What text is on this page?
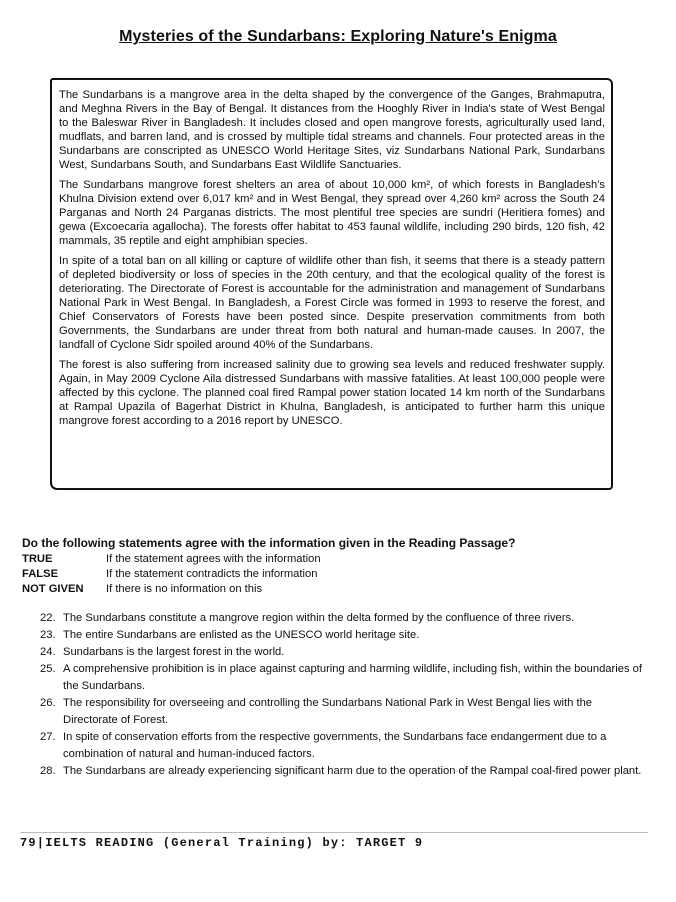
Mysteries of the Sundarbans: Exploring Nature's Enigma

The Sundarbans is a mangrove area in the delta shaped by the convergence of the Ganges, Brahmaputra, and Meghna Rivers in the Bay of Bengal. It distances from the Hooghly River in India's state of West Bengal to the Baleswar River in Bangladesh. It includes closed and open mangrove forests, agriculturally used land, mudflats, and barren land, and is crossed by multiple tidal streams and channels. Four protected areas in the Sundarbans are conscripted as UNESCO World Heritage Sites, viz Sundarbans National Park, Sundarbans West, Sundarbans South, and Sundarbans East Wildlife Sanctuaries.

The Sundarbans mangrove forest shelters an area of about 10,000 km², of which forests in Bangladesh's Khulna Division extend over 6,017 km² and in West Bengal, they spread over 4,260 km² across the South 24 Parganas and North 24 Parganas districts. The most plentiful tree species are sundri (Heritiera fomes) and gewa (Excoecaria agallocha). The forests offer habitat to 453 faunal wildlife, including 290 birds, 120 fish, 42 mammals, 35 reptile and eight amphibian species.

In spite of a total ban on all killing or capture of wildlife other than fish, it seems that there is a steady pattern of depleted biodiversity or loss of species in the 20th century, and that the ecological quality of the forest is deteriorating. The Directorate of Forest is accountable for the administration and management of Sundarbans National Park in West Bengal. In Bangladesh, a Forest Circle was formed in 1993 to reserve the forest, and Chief Conservators of Forests have been posted since. Despite preservation commitments from both Governments, the Sundarbans are under threat from both natural and human-made causes. In 2007, the landfall of Cyclone Sidr spoiled around 40% of the Sundarbans.

The forest is also suffering from increased salinity due to growing sea levels and reduced freshwater supply. Again, in May 2009 Cyclone Aila distressed Sundarbans with massive fatalities. At least 100,000 people were affected by this cyclone. The planned coal fired Rampal power station located 14 km north of the Sundarbans at Rampal Upazila of Bagerhat District in Khulna, Bangladesh, is anticipated to further harm this unique mangrove forest according to a 2016 report by UNESCO.

Do the following statements agree with the information given in the Reading Passage?
TRUE	If the statement agrees with the information
FALSE	If the statement contradicts the information
NOT GIVEN	If there is no information on this
22. The Sundarbans constitute a mangrove region within the delta formed by the confluence of three rivers.
23. The entire Sundarbans are enlisted as the UNESCO world heritage site.
24. Sundarbans is the largest forest in the world.
25. A comprehensive prohibition is in place against capturing and harming wildlife, including fish, within the boundaries of the Sundarbans.
26. The responsibility for overseeing and controlling the Sundarbans National Park in West Bengal lies with the Directorate of Forest.
27. In spite of conservation efforts from the respective governments, the Sundarbans face endangerment due to a combination of natural and human-induced factors.
28. The Sundarbans are already experiencing significant harm due to the operation of the Rampal coal-fired power plant.
79|IELTS READING (General Training) by: TARGET 9
